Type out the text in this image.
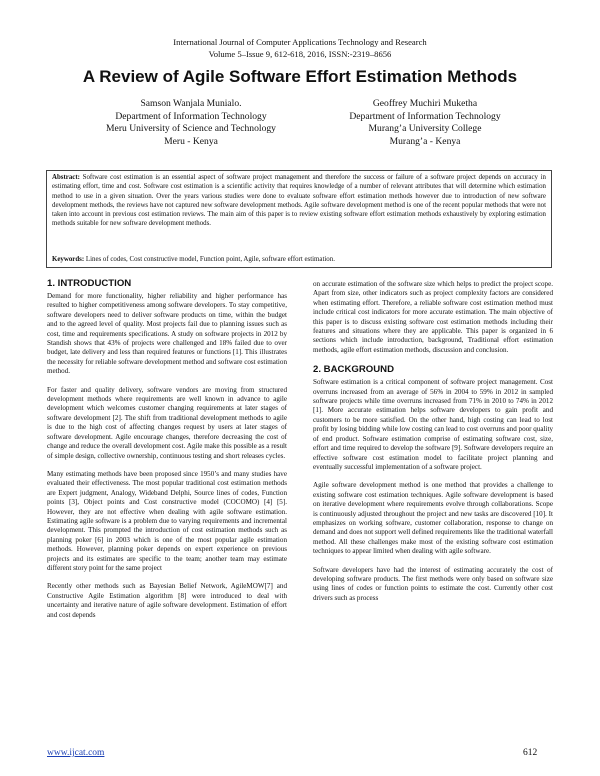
International Journal of Computer Applications Technology and Research
Volume 5–Issue 9, 612-618, 2016, ISSN:-2319–8656
A Review of Agile Software Effort Estimation Methods
Samson Wanjala Munialo.
Department of Information Technology
Meru University of Science and Technology
Meru - Kenya
Geoffrey Muchiri Muketha
Department of Information Technology
Murang’a University College
Murang’a - Kenya

Abstract: Software cost estimation is an essential aspect of software project management and therefore the success or failure of a software project depends on accuracy in estimating effort, time and cost. Software cost estimation is a scientific activity that requires knowledge of a number of relevant attributes that will determine which estimation method to use in a given situation. Over the years various studies were done to evaluate software effort estimation methods however due to introduction of new software development methods, the reviews have not captured new software development methods. Agile software development method is one of the recent popular methods that were not taken into account in previous cost estimation reviews. The main aim of this paper is to review existing software effort estimation methods exhaustively by exploring estimation methods suitable for new software development methods.

Keywords: Lines of codes, Cost constructive model, Function point, Agile, software effort estimation.

1. INTRODUCTION

Demand for more functionality, higher reliability and higher performance has resulted to higher competitiveness among software developers. To stay competitive, software developers need to deliver software products on time, within the budget and to the agreed level of quality. Most projects fail due to planning issues such as cost, time and requirements specifications. A study on software projects in 2012 by Standish shows that 43% of projects were challenged and 18% failed due to over budget, late delivery and less than required features or functions [1]. This illustrates the necessity for reliable software development method and software cost estimation method.

For faster and quality delivery, software vendors are moving from structured development methods where requirements are well known in advance to agile development which welcomes customer changing requirements at later stages of software development [2]. The shift from traditional development methods to agile is due to the high cost of affecting changes request by users at later stages of software development. Agile encourage changes, therefore decreasing the cost of change and reduce the overall development cost. Agile make this possible as a result of simple design, collective ownership, continuous testing and short releases cycles.

Many estimating methods have been proposed since 1950’s and many studies have evaluated their effectiveness. The most popular traditional cost estimation methods are Expert judgment, Analogy, Wideband Delphi, Source lines of codes, Function points [3], Object points and Cost constructive model (COCOMO) [4] [5]. However, they are not effective when dealing with agile software estimation. Estimating agile software is a problem due to varying requirements and incremental development. This prompted the introduction of cost estimation methods such as planning poker [6] in 2003 which is one of the most popular agile estimation methods. However, planning poker depends on expert experience on previous projects and its estimates are specific to the team; another team may estimate different story point for the same project

Recently other methods such as Bayesian Belief Network, AgileMOW[7] and Constructive Agile Estimation algorithm [8] were introduced to deal with uncertainty and iterative nature of agile software development. Estimation of effort and cost depends

on accurate estimation of the software size which helps to predict the project scope. Apart from size, other indicators such as project complexity factors are considered when estimating effort. Therefore, a reliable software cost estimation method must include critical cost indicators for more accurate estimation. The main objective of this paper is to discuss existing software cost estimation methods including their features and situations where they are applicable. This paper is organized in 6 sections which include introduction, background, Traditional effort estimation methods, agile effort estimation methods, discussion and conclusion.

2. BACKGROUND

Software estimation is a critical component of software project management. Cost overruns increased from an average of 56% in 2004 to 59% in 2012 in sampled software projects while time overruns increased from 71% in 2010 to 74% in 2012 [1]. More accurate estimation helps software developers to gain profit and customers to be more satisfied. On the other hand, high costing can lead to lost profit by losing bidding while low costing can lead to cost overruns and poor quality of end product. Software estimation comprise of estimating software cost, size, effort and time required to develop the software [9]. Software developers require an effective software cost estimation model to facilitate project planning and eventually successful implementation of a software project.

Agile software development method is one method that provides a challenge to existing software cost estimation techniques. Agile software development is based on iterative development where requirements evolve through collaborations. Scope is continuously adjusted throughout the project and new tasks are discovered [10]. It emphasizes on working software, customer collaboration, response to change on demand and does not support well defined requirements like the traditional waterfall method. All these challenges make most of the existing software cost estimation techniques to appear limited when dealing with agile software.

Software developers have had the interest of estimating accurately the cost of developing software products. The first methods were only based on software size using lines of codes or function points to estimate the cost. Currently other cost drivers such as process

www.ijcat.com	612
